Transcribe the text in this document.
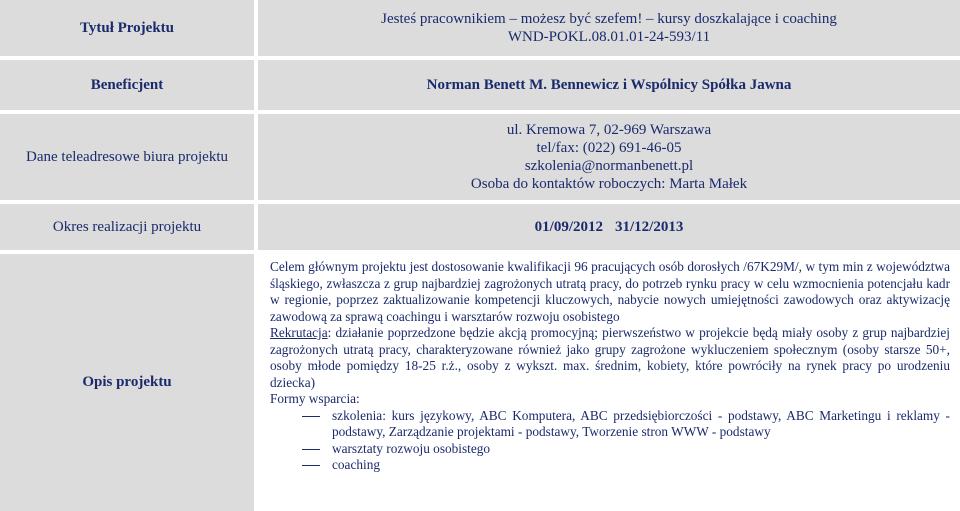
Tytuł Projektu
Jesteś pracownikiem – możesz być szefem! – kursy doszkalające i coaching
WND-POKL.08.01.01-24-593/11
Beneficjent	Norman Benett M. Bennewicz i Wspólnicy Spółka Jawna
Dane teleadresowe biura projektu
ul. Kremowa 7, 02-969 Warszawa
tel/fax: (022) 691-46-05
szkolenia@normanbenett.pl
Osoba do kontaktów roboczych: Marta Małek
Okres realizacji projektu	01/09/2012 31/12/2013
Opis projektu

Celem głównym projektu jest dostosowanie kwalifikacji 96 pracujących osób dorosłych /67K29M/, w tym min z województwa śląskiego, zwłaszcza z grup najbardziej zagrożonych utratą pracy, do potrzeb rynku pracy w celu wzmocnienia potencjału kadr w regionie, poprzez zaktualizowanie kompetencji kluczowych, nabycie nowych umiejętności zawodowych oraz aktywizację zawodową za sprawą coachingu i warsztarów rozwoju osobistego

Rekrutacja: działanie poprzedzone będzie akcją promocyjną; pierwszeństwo w projekcie będą miały osoby z grup najbardziej zagrożonych utratą pracy, charakteryzowane również jako grupy zagrożone wykluczeniem społecznym (osoby starsze 50+, osoby młode pomiędzy 18-25 r.ż., osoby z wykszt. max. średnim, kobiety, które powróciły na rynek pracy po urodzeniu dziecka)

Formy wsparcia:

szkolenia: kurs językowy, ABC Komputera, ABC przedsiębiorczości - podstawy, ABC Marketingu i reklamy - podstawy, Zarządzanie projektami - podstawy, Tworzenie stron WWW - podstawy
warsztaty rozwoju osobistego
coaching
